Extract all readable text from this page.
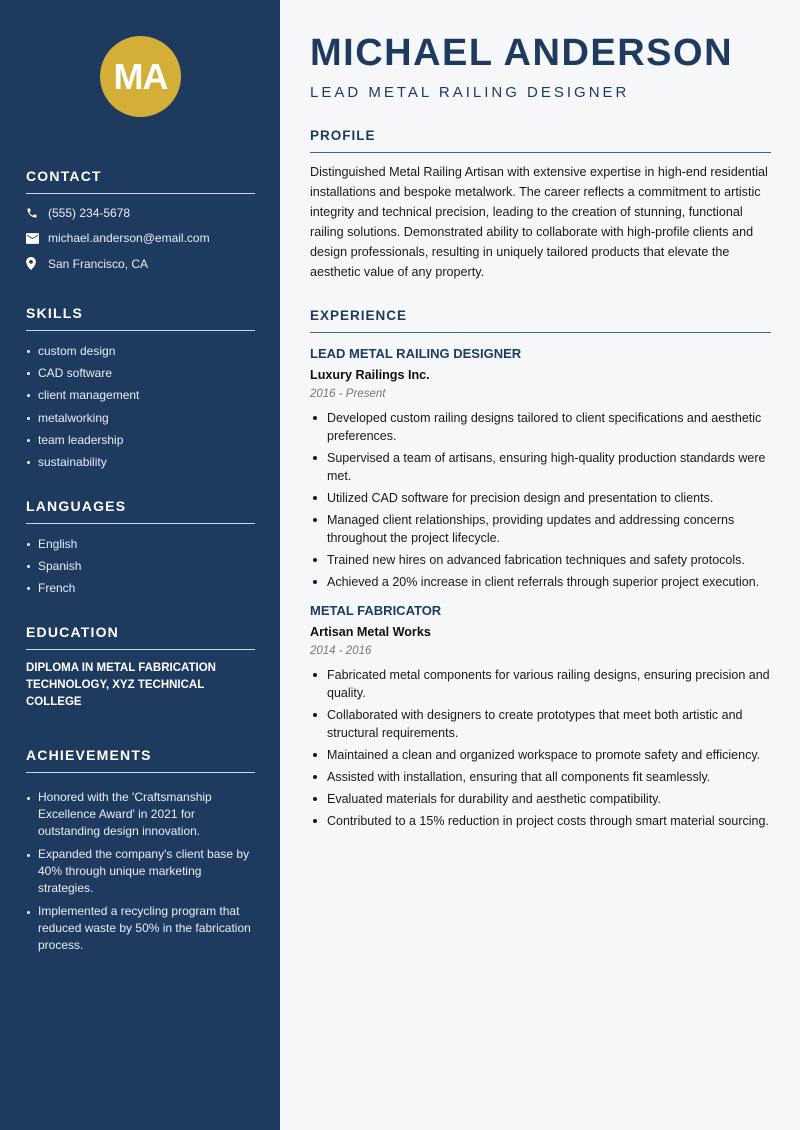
MA
CONTACT
(555) 234-5678
michael.anderson@email.com
San Francisco, CA
SKILLS
custom design
CAD software
client management
metalworking
team leadership
sustainability
LANGUAGES
English
Spanish
French
EDUCATION
DIPLOMA IN METAL FABRICATION TECHNOLOGY, XYZ TECHNICAL COLLEGE
ACHIEVEMENTS
Honored with the 'Craftsmanship Excellence Award' in 2021 for outstanding design innovation.
Expanded the company's client base by 40% through unique marketing strategies.
Implemented a recycling program that reduced waste by 50% in the fabrication process.
MICHAEL ANDERSON
LEAD METAL RAILING DESIGNER
PROFILE

Distinguished Metal Railing Artisan with extensive expertise in high-end residential installations and bespoke metalwork. The career reflects a commitment to artistic integrity and technical precision, leading to the creation of stunning, functional railing solutions. Demonstrated ability to collaborate with high-profile clients and design professionals, resulting in uniquely tailored products that elevate the aesthetic value of any property.

EXPERIENCE
LEAD METAL RAILING DESIGNER
Luxury Railings Inc.
2016 - Present
Developed custom railing designs tailored to client specifications and aesthetic preferences.
Supervised a team of artisans, ensuring high-quality production standards were met.
Utilized CAD software for precision design and presentation to clients.
Managed client relationships, providing updates and addressing concerns throughout the project lifecycle.
Trained new hires on advanced fabrication techniques and safety protocols.
Achieved a 20% increase in client referrals through superior project execution.
METAL FABRICATOR
Artisan Metal Works
2014 - 2016
Fabricated metal components for various railing designs, ensuring precision and quality.
Collaborated with designers to create prototypes that meet both artistic and structural requirements.
Maintained a clean and organized workspace to promote safety and efficiency.
Assisted with installation, ensuring that all components fit seamlessly.
Evaluated materials for durability and aesthetic compatibility.
Contributed to a 15% reduction in project costs through smart material sourcing.
